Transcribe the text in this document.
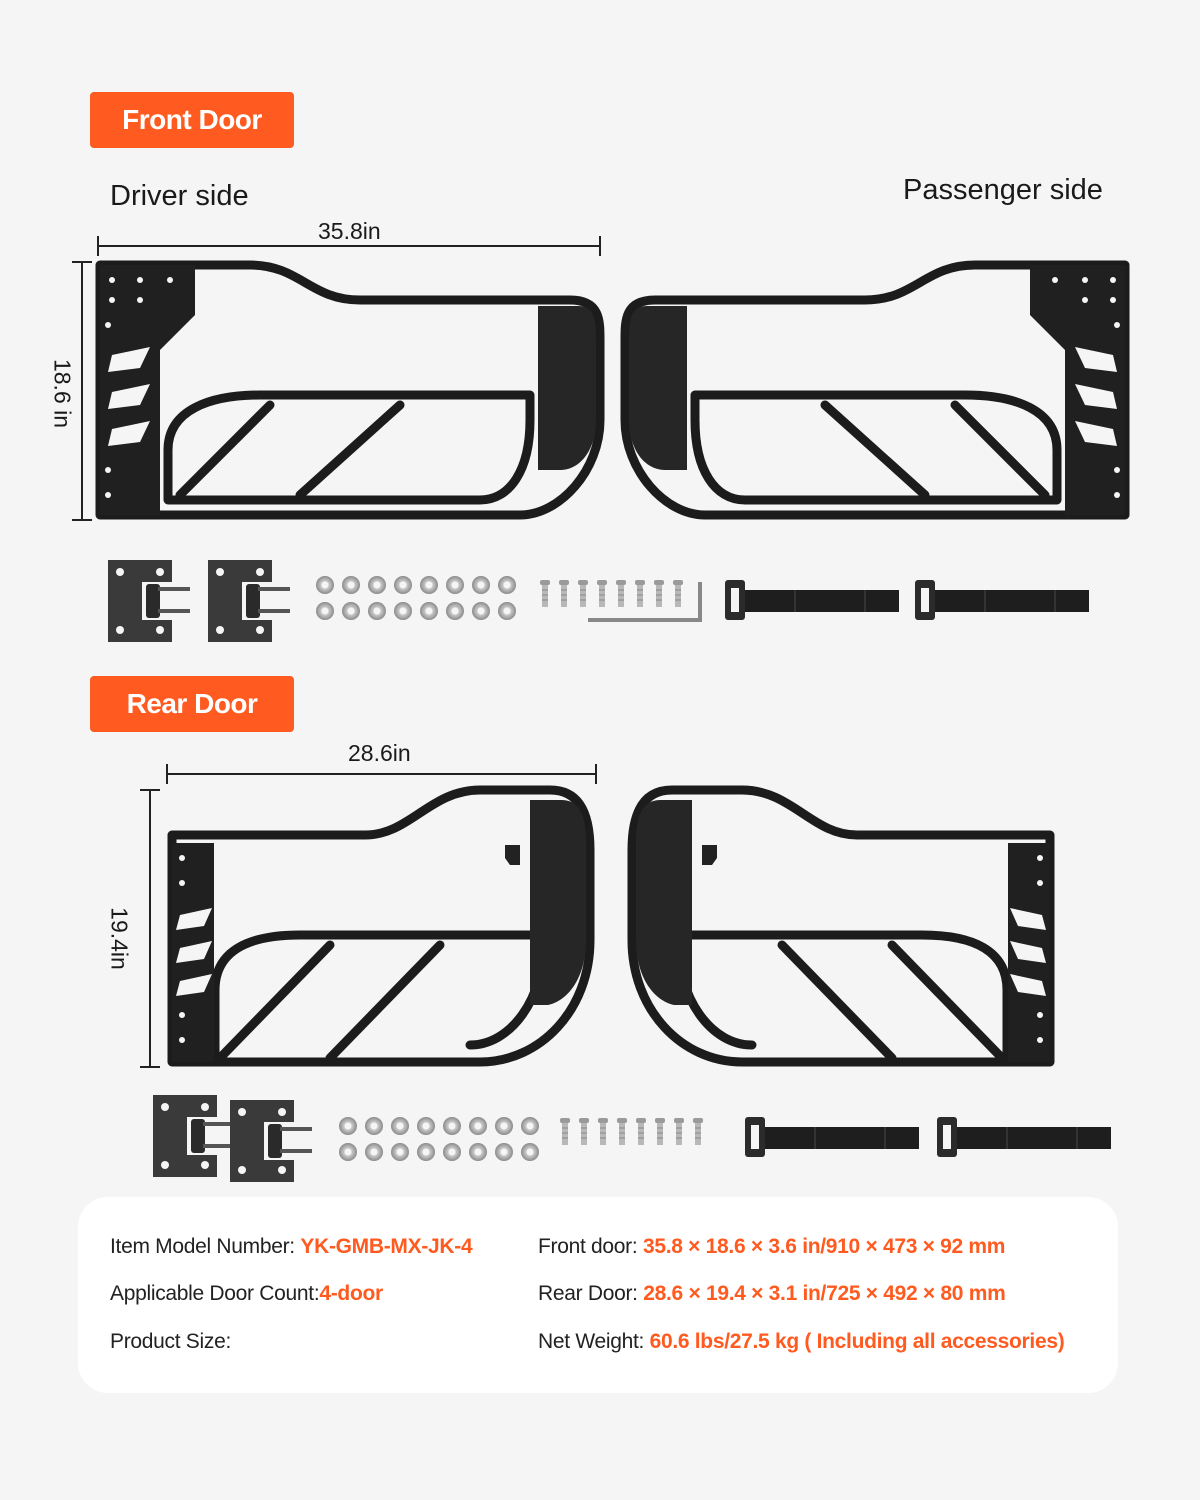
Front Door
Rear Door
Driver side	Passenger side
35.8in
18.6 in
28.6in
19.4in
Item Model Number: YK-GMB-MX-JK-4
Applicable Door Count:4-door
Product Size:
Front door: 35.8 × 18.6 × 3.6 in/910 × 473 × 92 mm
Rear Door: 28.6 × 19.4 × 3.1 in/725 × 492 × 80 mm
Net Weight: 60.6 lbs/27.5 kg ( Including all accessories)
